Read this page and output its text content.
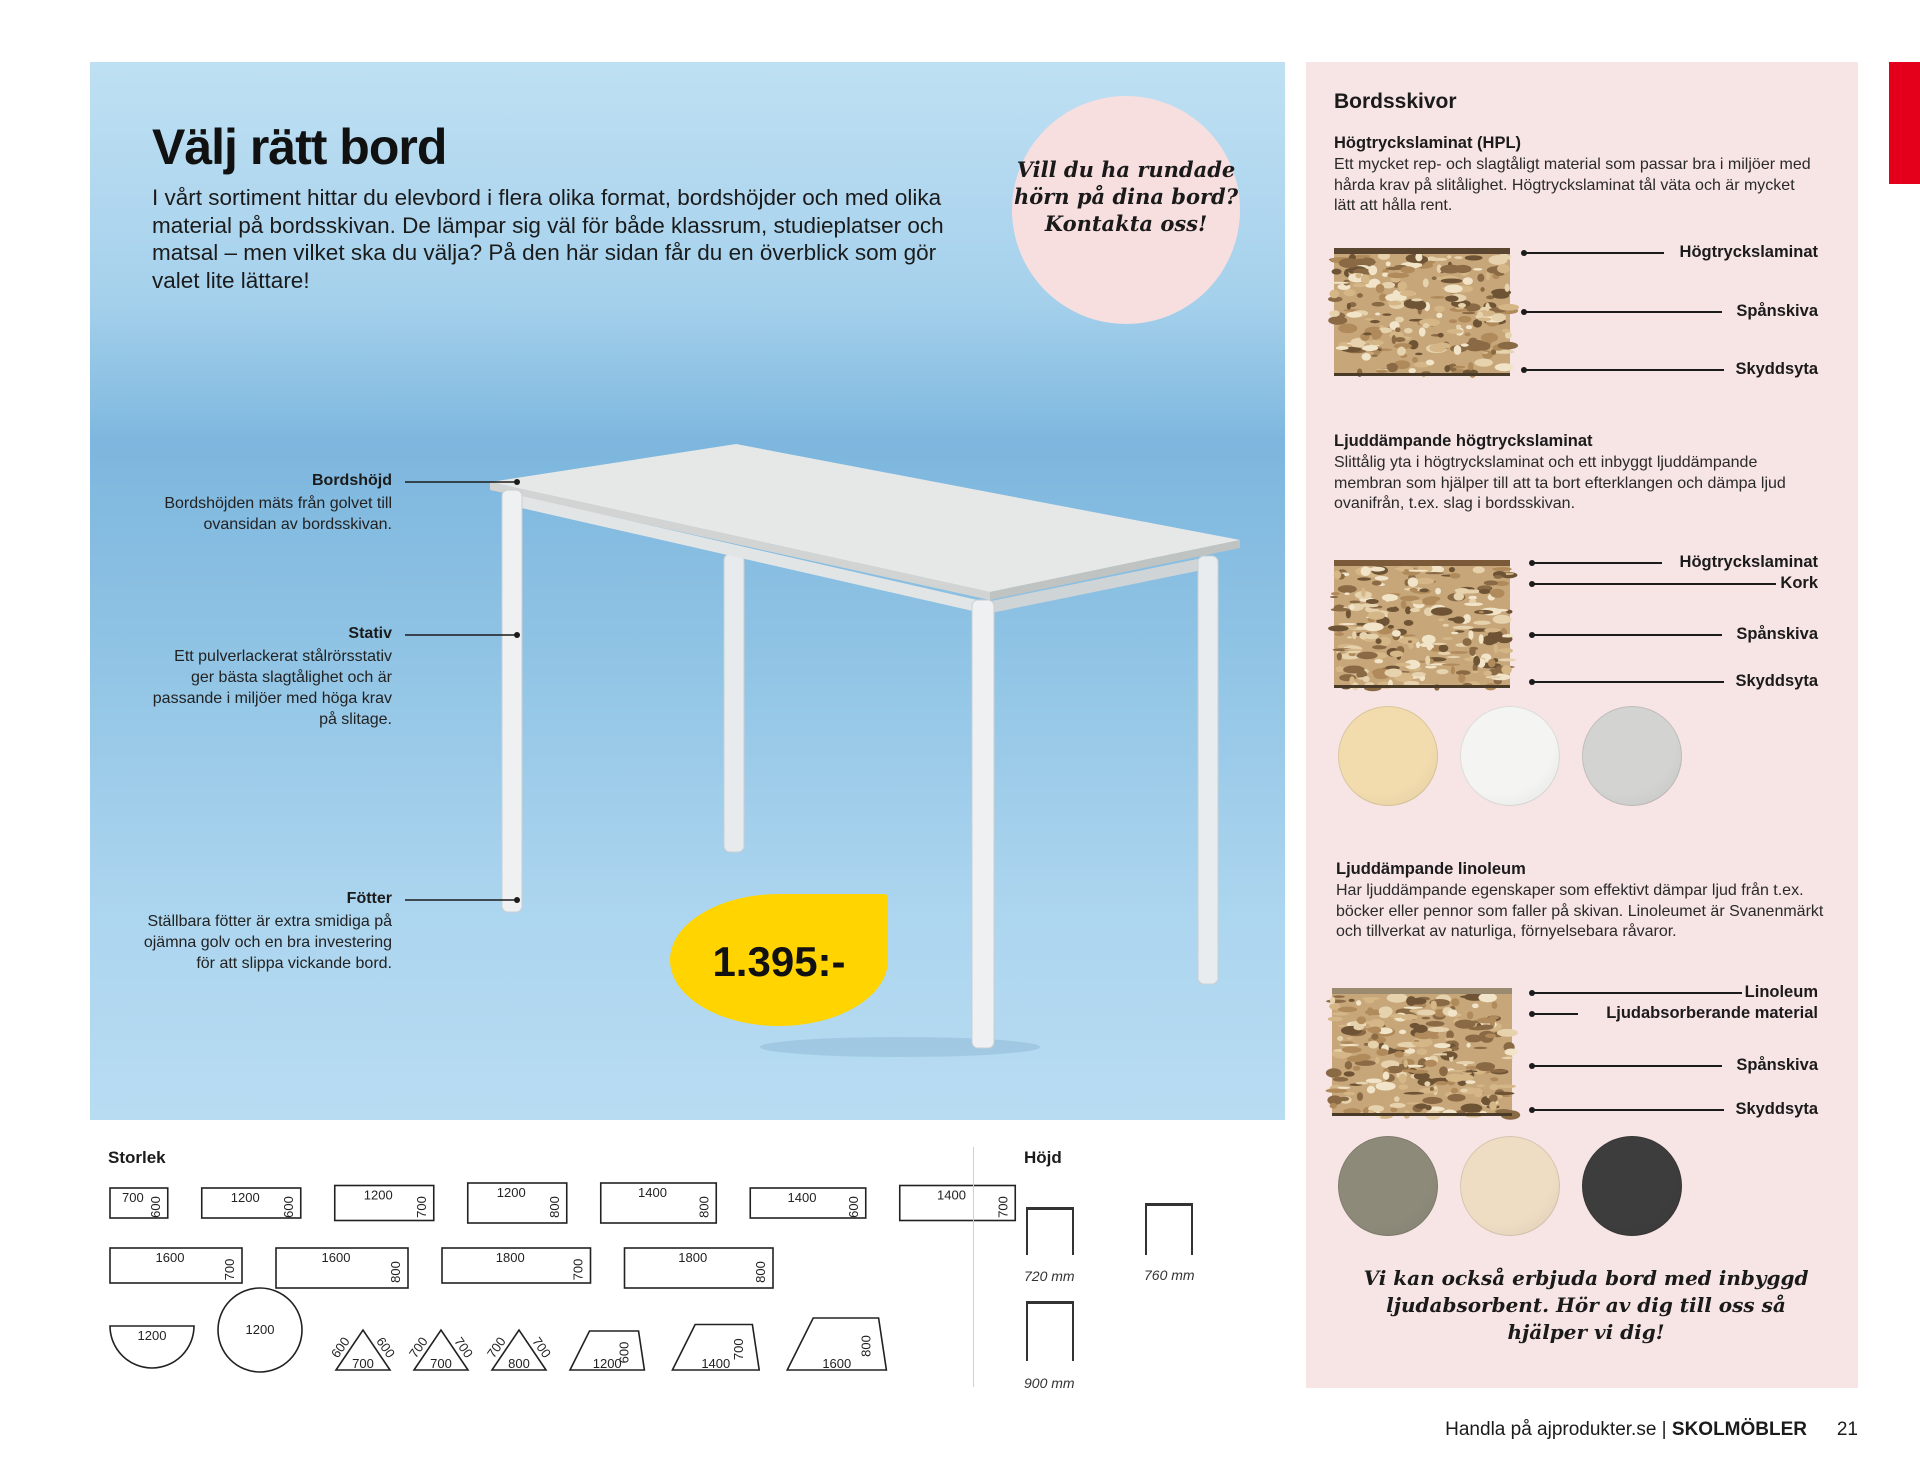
Välj rätt bord

I vårt sortiment hittar du elevbord i flera olika format, bordshöjder och med olika material på bordsskivan. De lämpar sig väl för både klassrum, studieplatser och matsal – men vilket ska du välja? På den här sidan får du en överblick som gör valet lite lättare!

Vill du ha rundade hörn på dina bord? Kontakta oss!
Bordshöjd
Bordshöjden mäts från golvet till ovansidan av bordsskivan.
Stativ
Ett pulverlackerat stålrörsstativ ger bästa slagtålighet och är passande i miljöer med höga krav på slitage.
Fötter
Ställbara fötter är extra smidiga på ojämna golv och en bra investering för att slippa vickande bord.	1.395:-
Storlek
700 600	1200 600
1200
700
1200
800
1400
800	1400 600
1400
700
1600
700
1600
800
1800
700
1800
800
1200	1200
600 600
700
700 700
700
700 700
800	1200
600
1400
700
1600
800
Höjd
720 mm	760 mm
900 mm
Bordsskivor
Högtryckslaminat (HPL)
Ett mycket rep- och slagtåligt material som passar bra i miljöer med hårda krav på slitålighet. Högtryckslaminat tål väta och är mycket lätt att hålla rent.
Högtryckslaminat
Spånskiva
Skyddsyta
Ljuddämpande högtryckslaminat
Slittålig yta i högtryckslaminat och ett inbyggt ljuddämpande membran som hjälper till att ta bort efterklangen och dämpa ljud ovanifrån, t.ex. slag i bordsskivan.
Högtryckslaminat
Kork
Spånskiva
Skyddsyta
Ljuddämpande linoleum
Har ljuddämpande egenskaper som effektivt dämpar ljud från t.ex. böcker eller pennor som faller på skivan. Linoleumet är Svanenmärkt och tillverkat av naturliga, förnyelsebara råvaror.
Linoleum
Ljudabsorberande material
Spånskiva
Skyddsyta
Vi kan också erbjuda bord med inbyggd ljudabsorbent. Hör av dig till oss så hjälper vi dig!
Handla på ajprodukter.se | SKOLMÖBLER 21
